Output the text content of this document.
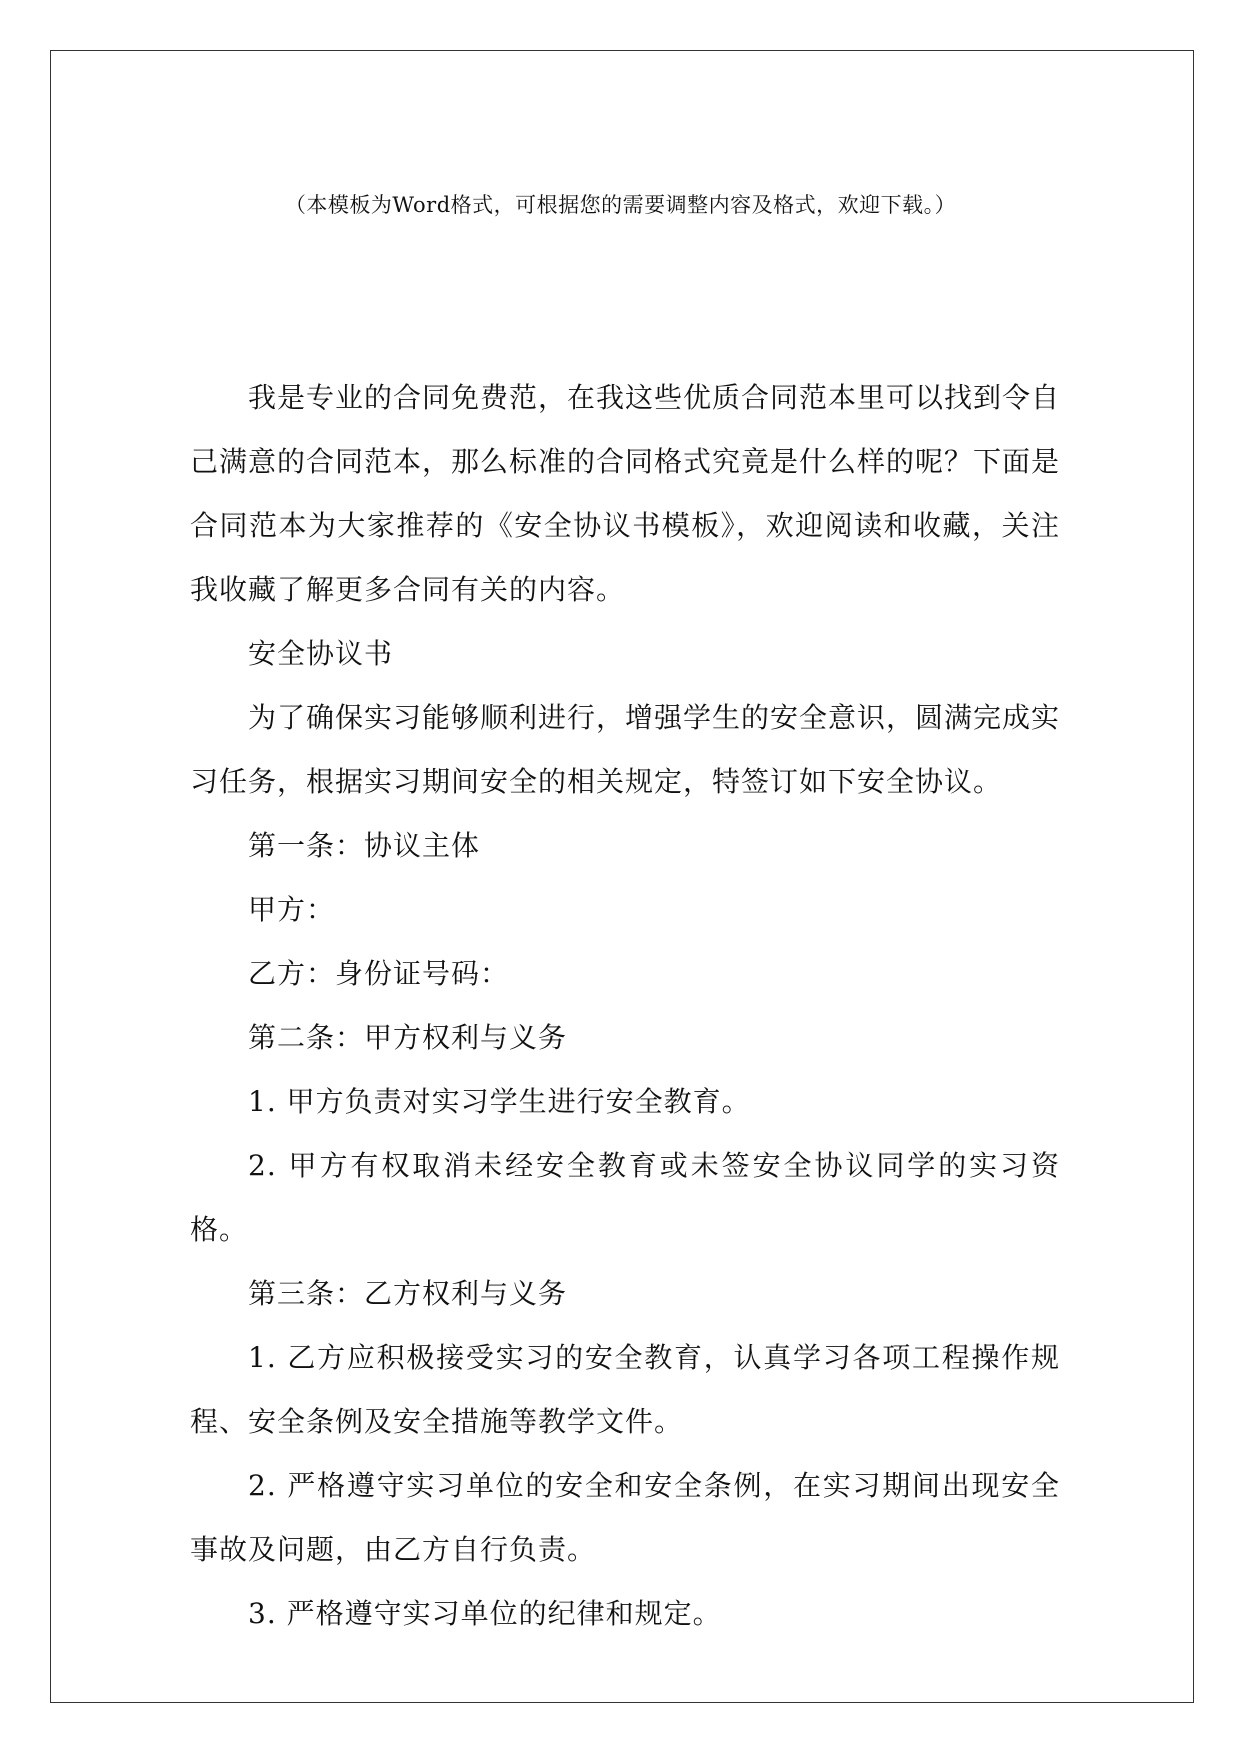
（本模板为Word格式，可根据您的需要调整内容及格式，欢迎下载。）

我是专业的合同免费范，在我这些优质合同范本里可以找到令自己满意的合同范本，那么标准的合同格式究竟是什么样的呢？下面是合同范本为大家推荐的《安全协议书模板》，欢迎阅读和收藏，关注我收藏了解更多合同有关的内容。

安全协议书

为了确保实习能够顺利进行，增强学生的安全意识，圆满完成实习任务，根据实习期间安全的相关规定，特签订如下安全协议。

第一条：协议主体

甲方：

乙方：身份证号码：

第二条：甲方权利与义务

1. 甲方负责对实习学生进行安全教育。

2. 甲方有权取消未经安全教育或未签安全协议同学的实习资格。

第三条：乙方权利与义务

1. 乙方应积极接受实习的安全教育，认真学习各项工程操作规程、安全条例及安全措施等教学文件。

2. 严格遵守实习单位的安全和安全条例，在实习期间出现安全事故及问题，由乙方自行负责。

3. 严格遵守实习单位的纪律和规定。
